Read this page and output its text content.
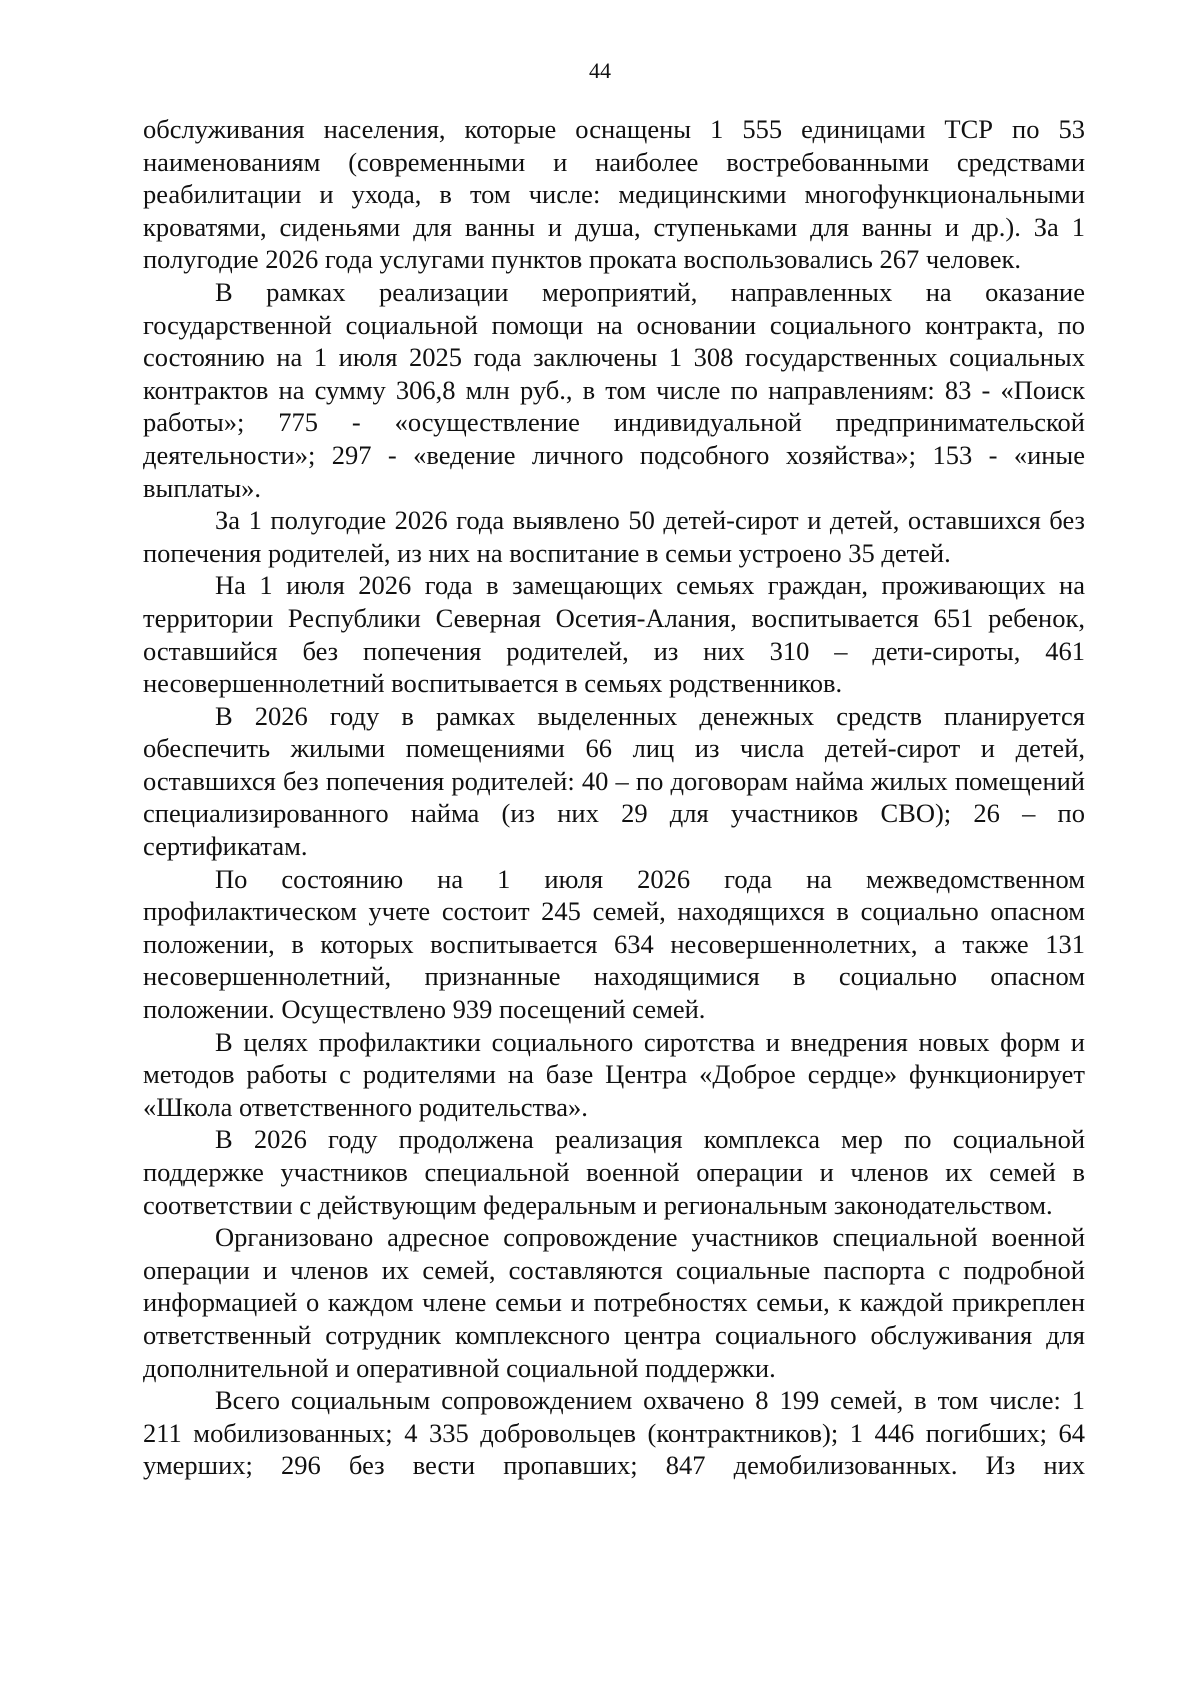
44

обслуживания населения, которые оснащены 1 555 единицами ТСР по 53 наименованиям (современными и наиболее востребованными средствами реабилитации и ухода, в том числе: медицинскими многофункциональными кроватями, сиденьями для ванны и душа, ступеньками для ванны и др.). За 1 полугодие 2026 года услугами пунктов проката воспользовались 267 человек.

В рамках реализации мероприятий, направленных на оказание государственной социальной помощи на основании социального контракта, по состоянию на 1 июля 2025 года заключены 1 308 государственных социальных контрактов на сумму 306,8 млн руб., в том числе по направлениям: 83 - «Поиск работы»; 775 - «осуществление индивидуальной предпринимательской деятельности»; 297 - «ведение личного подсобного хозяйства»; 153 - «иные выплаты».

За 1 полугодие 2026 года выявлено 50 детей-сирот и детей, оставшихся без попечения родителей, из них на воспитание в семьи устроено 35 детей.

На 1 июля 2026 года в замещающих семьях граждан, проживающих на территории Республики Северная Осетия-Алания, воспитывается 651 ребенок, оставшийся без попечения родителей, из них 310 – дети-сироты, 461 несовершеннолетний воспитывается в семьях родственников.

В 2026 году в рамках выделенных денежных средств планируется обеспечить жилыми помещениями 66 лиц из числа детей-сирот и детей, оставшихся без попечения родителей: 40 – по договорам найма жилых помещений специализированного найма (из них 29 для участников СВО); 26 – по сертификатам.

По состоянию на 1 июля 2026 года на межведомственном профилактическом учете состоит 245 семей, находящихся в социально опасном положении, в которых воспитывается 634 несовершеннолетних, а также 131 несовершеннолетний, признанные находящимися в социально опасном положении. Осуществлено 939 посещений семей.

В целях профилактики социального сиротства и внедрения новых форм и методов работы с родителями на базе Центра «Доброе сердце» функционирует «Школа ответственного родительства».

В 2026 году продолжена реализация комплекса мер по социальной поддержке участников специальной военной операции и членов их семей в соответствии с действующим федеральным и региональным законодательством.

Организовано адресное сопровождение участников специальной военной операции и членов их семей, составляются социальные паспорта с подробной информацией о каждом члене семьи и потребностях семьи, к каждой прикреплен ответственный сотрудник комплексного центра социального обслуживания для дополнительной и оперативной социальной поддержки.

Всего социальным сопровождением охвачено 8 199 семей, в том числе: 1 211 мобилизованных; 4 335 добровольцев (контрактников); 1 446 погибших; 64 умерших; 296 без вести пропавших; 847 демобилизованных. Из них
